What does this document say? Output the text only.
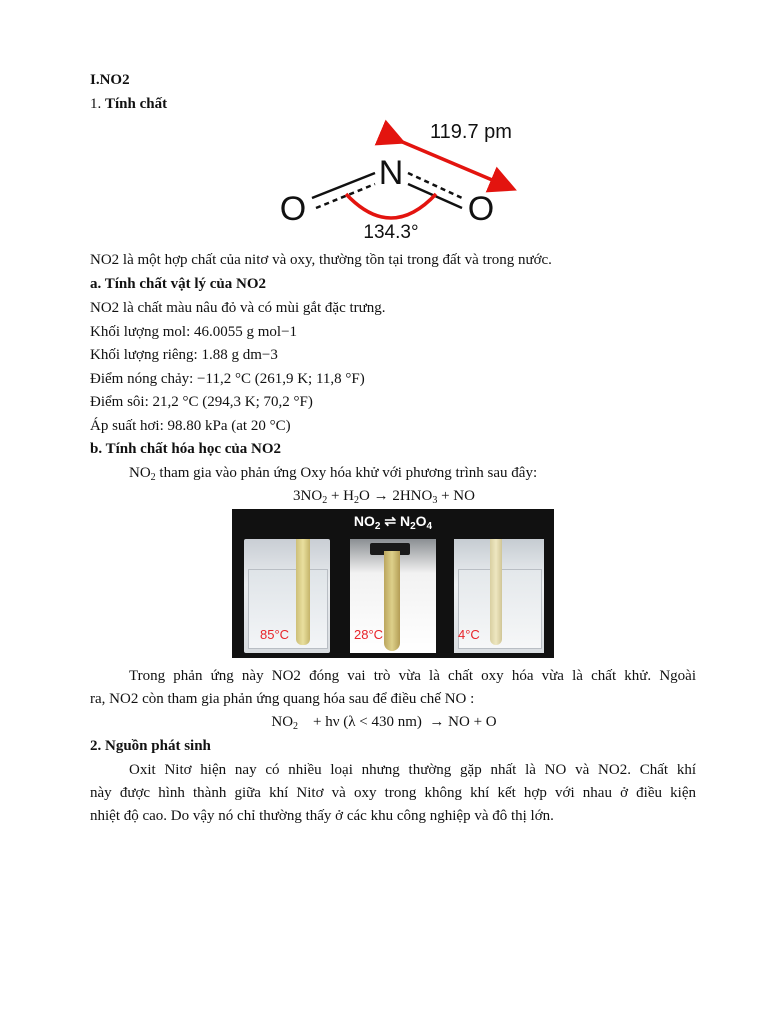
I.NO2
1. Tính chất
N
O	O
119.7 pm
134.3°
NO2 là một hợp chất của nitơ và oxy, thường tồn tại trong đất và trong nước.
a. Tính chất vật lý của NO2
NO2 là chất màu nâu đỏ và có mùi gắt đặc trưng.
Khối lượng mol: 46.0055 g mol−1
Khối lượng riêng: 1.88 g dm−3
Điểm nóng chảy: −11,2 °C (261,9 K; 11,8 °F)
Điểm sôi: 21,2 °C (294,3 K; 70,2 °F)
Áp suất hơi: 98.80 kPa (at 20 °C)
b. Tính chất hóa học của NO2
$NO_2$ tham gia vào phản ứng Oxy hóa khử với phương trình sau đây:
$3NO_2 + H_2O \to 2HNO_3$ + NO
$NO_2$ ⇌ $N_2O_4$
85°C	28°C	4°C
Trong phản ứng này NO2 đóng vai trò vừa là chất oxy hóa vừa là chất khử. Ngoài
ra, NO2 còn tham gia phản ứng quang hóa sau để điều chế NO :
$NO_2$    + hν (λ < 430 nm)  → NO + O
2. Nguồn phát sinh
Oxit Nitơ hiện nay có nhiều loại nhưng thường gặp nhất là NO và NO2. Chất khí
này được hình thành giữa khí Nitơ và oxy trong không khí kết hợp với nhau ở điều kiện
nhiệt độ cao. Do vậy nó chỉ thường thấy ở các khu công nghiệp và đô thị lớn.
